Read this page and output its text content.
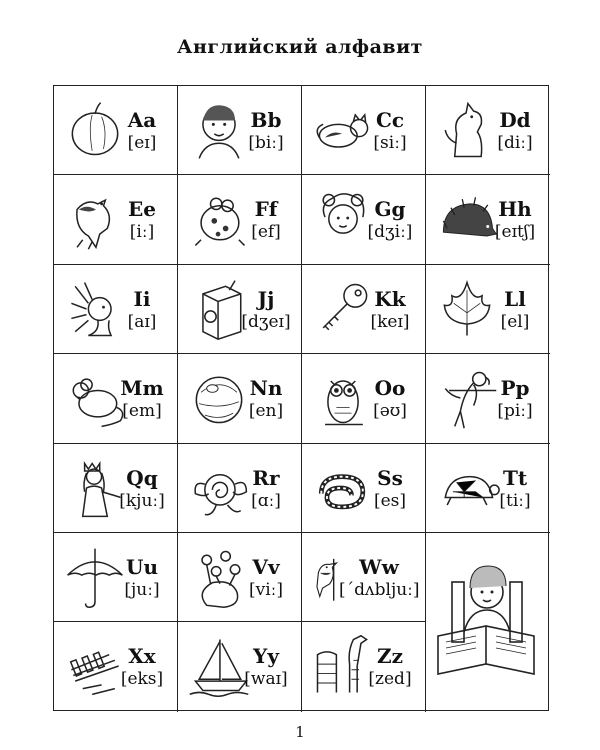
Английский алфавит
Aa
[eɪ]
Bb
[biː]
Cc
[siː]
Dd
[diː]
Ee
[iː]
Ff
[ef]
Gg
[dʒiː]
Hh
[eɪtʃ]
Ii
[aɪ]
Jj
[dʒeɪ]
Kk
[keɪ]
Ll
[el]
Mm
[em]
Nn
[en]
Oo
[əʊ]
Pp
[piː]
Qq
[kjuː]
Rr
[ɑː]
Ss
[es]
Tt
[tiː]
Uu
[juː]
Vv
[viː]
Ww
[ˊdʌbljuː]
Xx
[eks]
Yy
[waɪ]
Zz
[zed]
1
